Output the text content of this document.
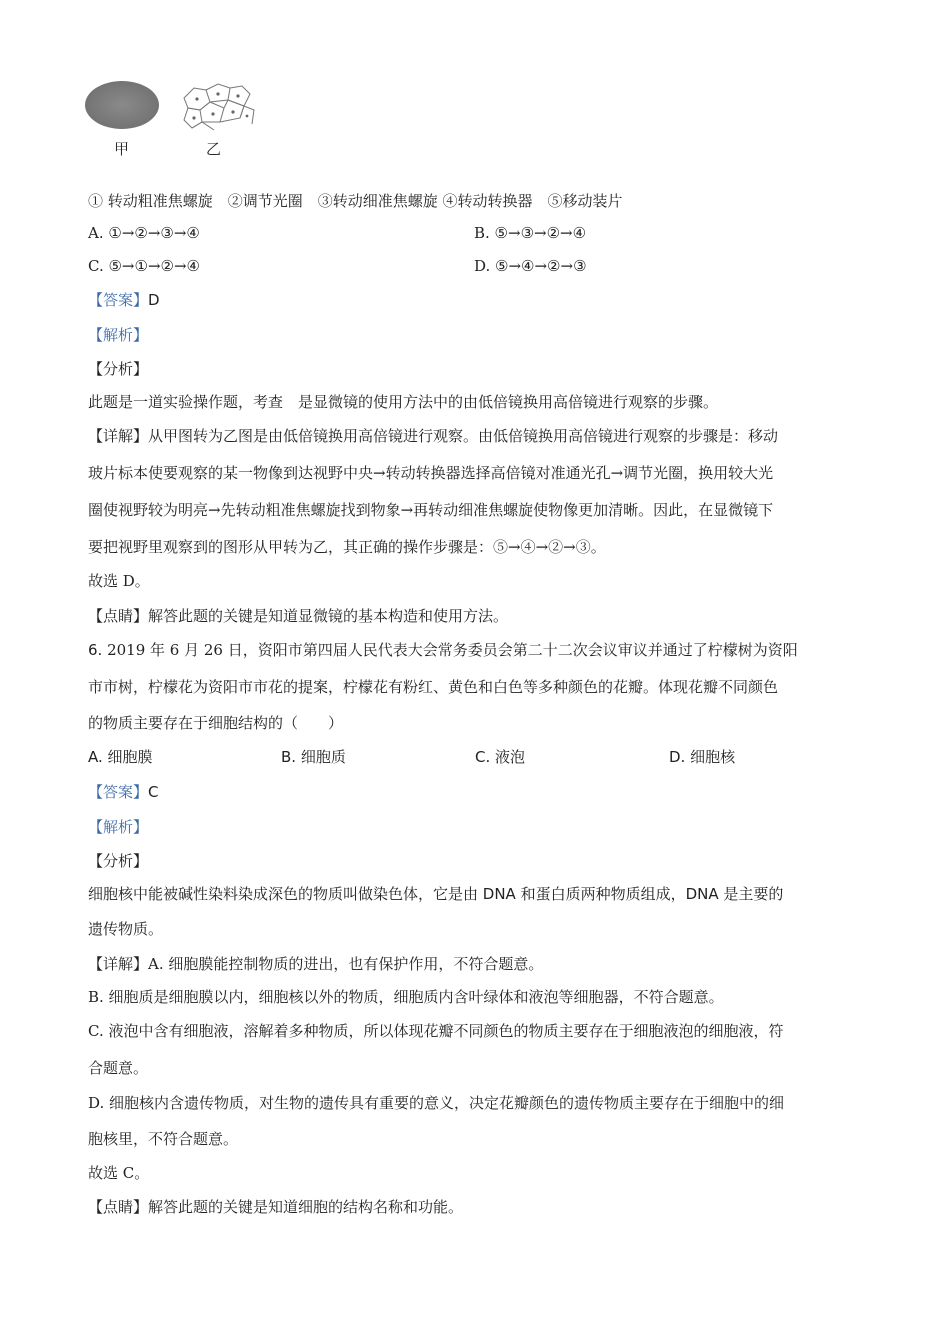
甲	乙
① 转动粗准焦螺旋　②调节光圈　③转动细准焦螺旋 ④转动转换器　⑤移动装片
A. ①→②→③→④	B. ⑤→③→②→④
C. ⑤→①→②→④	D. ⑤→④→②→③
【答案】D
【解析】
【分析】
此题是一道实验操作题，考查　是显微镜的使用方法中的由低倍镜换用高倍镜进行观察的步骤。
【详解】从甲图转为乙图是由低倍镜换用高倍镜进行观察。由低倍镜换用高倍镜进行观察的步骤是：移动
玻片标本使要观察的某一物像到达视野中央→转动转换器选择高倍镜对准通光孔→调节光圈，换用较大光
圈使视野较为明亮→先转动粗准焦螺旋找到物象→再转动细准焦螺旋使物像更加清晰。因此，在显微镜下
要把视野里观察到的图形从甲转为乙，其正确的操作步骤是：⑤→④→②→③。
故选 D。
【点睛】解答此题的关键是知道显微镜的基本构造和使用方法。
6. 2019 年 6 月 26 日，资阳市第四届人民代表大会常务委员会第二十二次会议审议并通过了柠檬树为资阳
市市树，柠檬花为资阳市市花的提案，柠檬花有粉红、黄色和白色等多种颜色的花瓣。体现花瓣不同颜色
的物质主要存在于细胞结构的（　　）
A. 细胞膜	B. 细胞质	C. 液泡	D. 细胞核
【答案】C
【解析】
【分析】
细胞核中能被碱性染料染成深色的物质叫做染色体，它是由 DNA 和蛋白质两种物质组成，DNA 是主要的
遗传物质。
【详解】A. 细胞膜能控制物质的进出，也有保护作用，不符合题意。
B. 细胞质是细胞膜以内，细胞核以外的物质，细胞质内含叶绿体和液泡等细胞器，不符合题意。
C. 液泡中含有细胞液，溶解着多种物质，所以体现花瓣不同颜色的物质主要存在于细胞液泡的细胞液，符
合题意。
D. 细胞核内含遗传物质，对生物的遗传具有重要的意义，决定花瓣颜色的遗传物质主要存在于细胞中的细
胞核里，不符合题意。
故选 C。
【点睛】解答此题的关键是知道细胞的结构名称和功能。
